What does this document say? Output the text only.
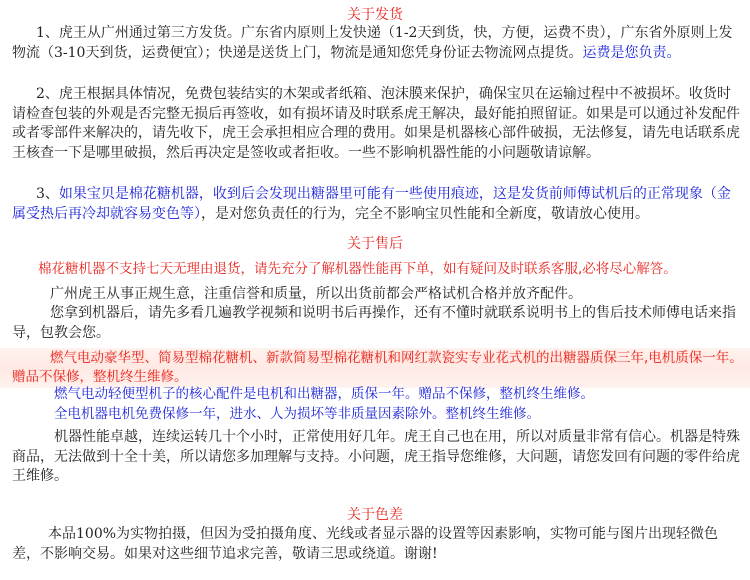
关于发货
1、虎王从广州通过第三方发货。广东省内原则上发快递（1-2天到货，快，方便，运费不贵），广东省外原则上发物流（3-10天到货，运费便宜）；快递是送货上门，物流是通知您凭身份证去物流网点提货。运费是您负责。
2、虎王根据具体情况，免费包装结实的木架或者纸箱、泡沫膜来保护，确保宝贝在运输过程中不被损坏。收货时请检查包装的外观是否完整无损后再签收，如有损坏请及时联系虎王解决，最好能拍照留证。如果是可以通过补发配件或者零部件来解决的，请先收下，虎王会承担相应合理的费用。如果是机器核心部件破损，无法修复，请先电话联系虎王核查一下是哪里破损，然后再决定是签收或者拒收。一些不影响机器性能的小问题敬请谅解。
3、如果宝贝是棉花糖机器，收到后会发现出糖器里可能有一些使用痕迹，这是发货前师傅试机后的正常现象（金属受热后再冷却就容易变色等），是对您负责任的行为，完全不影响宝贝性能和全新度，敬请放心使用。
关于售后
棉花糖机器不支持七天无理由退货，请先充分了解机器性能再下单，如有疑问及时联系客服,必将尽心解答。
广州虎王从事正规生意，注重信誉和质量，所以出货前都会严格试机合格并放齐配件。
您拿到机器后，请先多看几遍教学视频和说明书后再操作，还有不懂时就联系说明书上的售后技术师傅电话来指导，包教会您。
燃气电动豪华型、简易型棉花糖机、新款简易型棉花糖机和网红款瓷实专业花式机的出糖器质保三年,电机质保一年。赠品不保修，整机终生维修。
燃气电动轻便型机子的核心配件是电机和出糖器，质保一年。赠品不保修，整机终生维修。
全电机器电机免费保修一年，进水、人为损坏等非质量因素除外。整机终生维修。
机器性能卓越，连续运转几十个小时，正常使用好几年。虎王自己也在用，所以对质量非常有信心。机器是特殊商品，无法做到十全十美，所以请您多加理解与支持。小问题，虎王指导您维修，大问题，请您发回有问题的零件给虎王维修。
关于色差
本品100%为实物拍摄，但因为受拍摄角度、光线或者显示器的设置等因素影响，实物可能与图片出现轻微色差，不影响交易。如果对这些细节追求完善，敬请三思或绕道。谢谢!
